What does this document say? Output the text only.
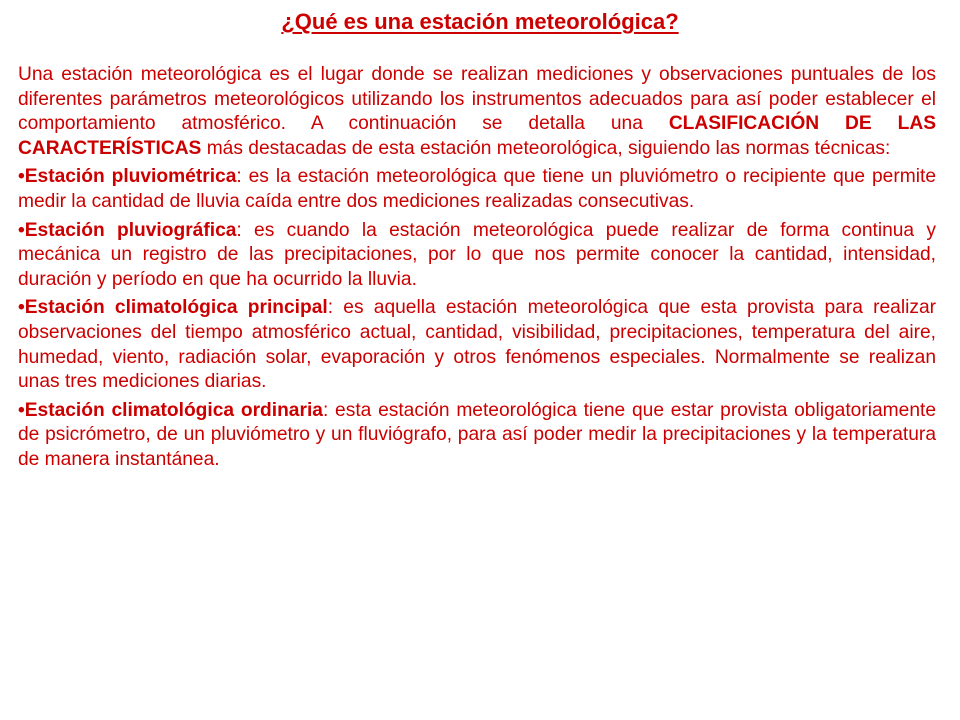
¿Qué es una estación meteorológica?

Una estación meteorológica es el lugar donde se realizan mediciones y observaciones puntuales de los diferentes parámetros meteorológicos utilizando los instrumentos adecuados para así poder establecer el comportamiento atmosférico. A continuación se detalla una CLASIFICACIÓN DE LAS CARACTERÍSTICAS más destacadas de esta estación meteorológica, siguiendo las normas técnicas:

•Estación pluviométrica: es la estación meteorológica que tiene un pluviómetro o recipiente que permite medir la cantidad de lluvia caída entre dos mediciones realizadas consecutivas.

•Estación pluviográfica: es cuando la estación meteorológica puede realizar de forma continua y mecánica un registro de las precipitaciones, por lo que nos permite conocer la cantidad, intensidad, duración y período en que ha ocurrido la lluvia.

•Estación climatológica principal: es aquella estación meteorológica que esta provista para realizar observaciones del tiempo atmosférico actual, cantidad, visibilidad, precipitaciones, temperatura del aire, humedad, viento, radiación solar, evaporación y otros fenómenos especiales. Normalmente se realizan unas tres mediciones diarias.

•Estación climatológica ordinaria: esta estación meteorológica tiene que estar provista obligatoriamente de psicrómetro, de un pluviómetro y un fluviógrafo, para así poder medir la precipitaciones y la temperatura de manera instantánea.
